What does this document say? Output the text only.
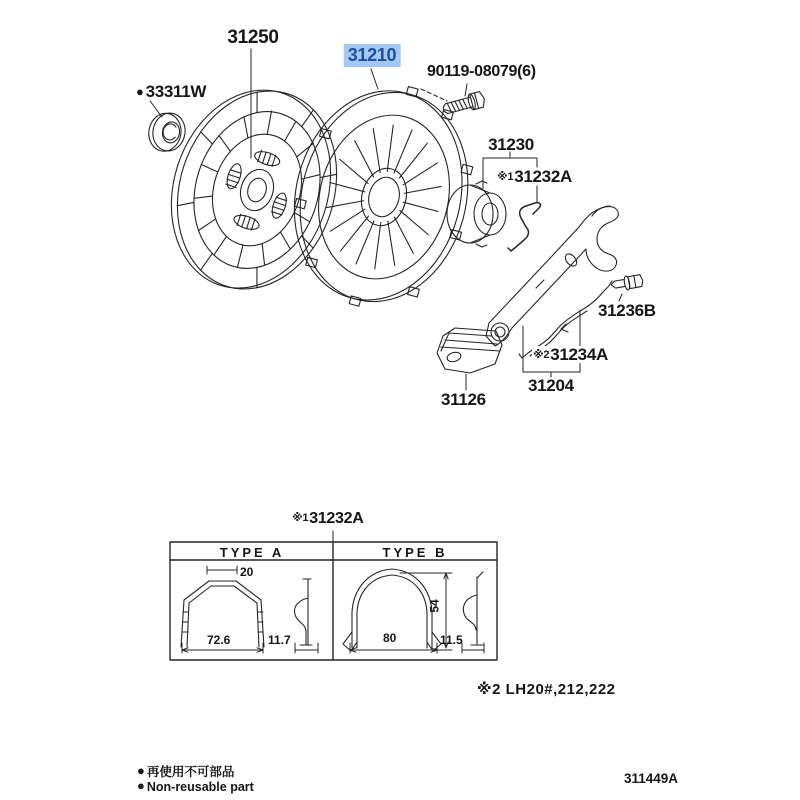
31250
● 33311W
31210
90119-08079(6)
31230
※131232A
31236B
※231234A
31204
31126
※131232A
TYPE A	TYPE B
20
72.6	11.7	80
54
11.5
※2 LH20#,212,222
● 再使用不可部品
● Non-reusable part
311449A
